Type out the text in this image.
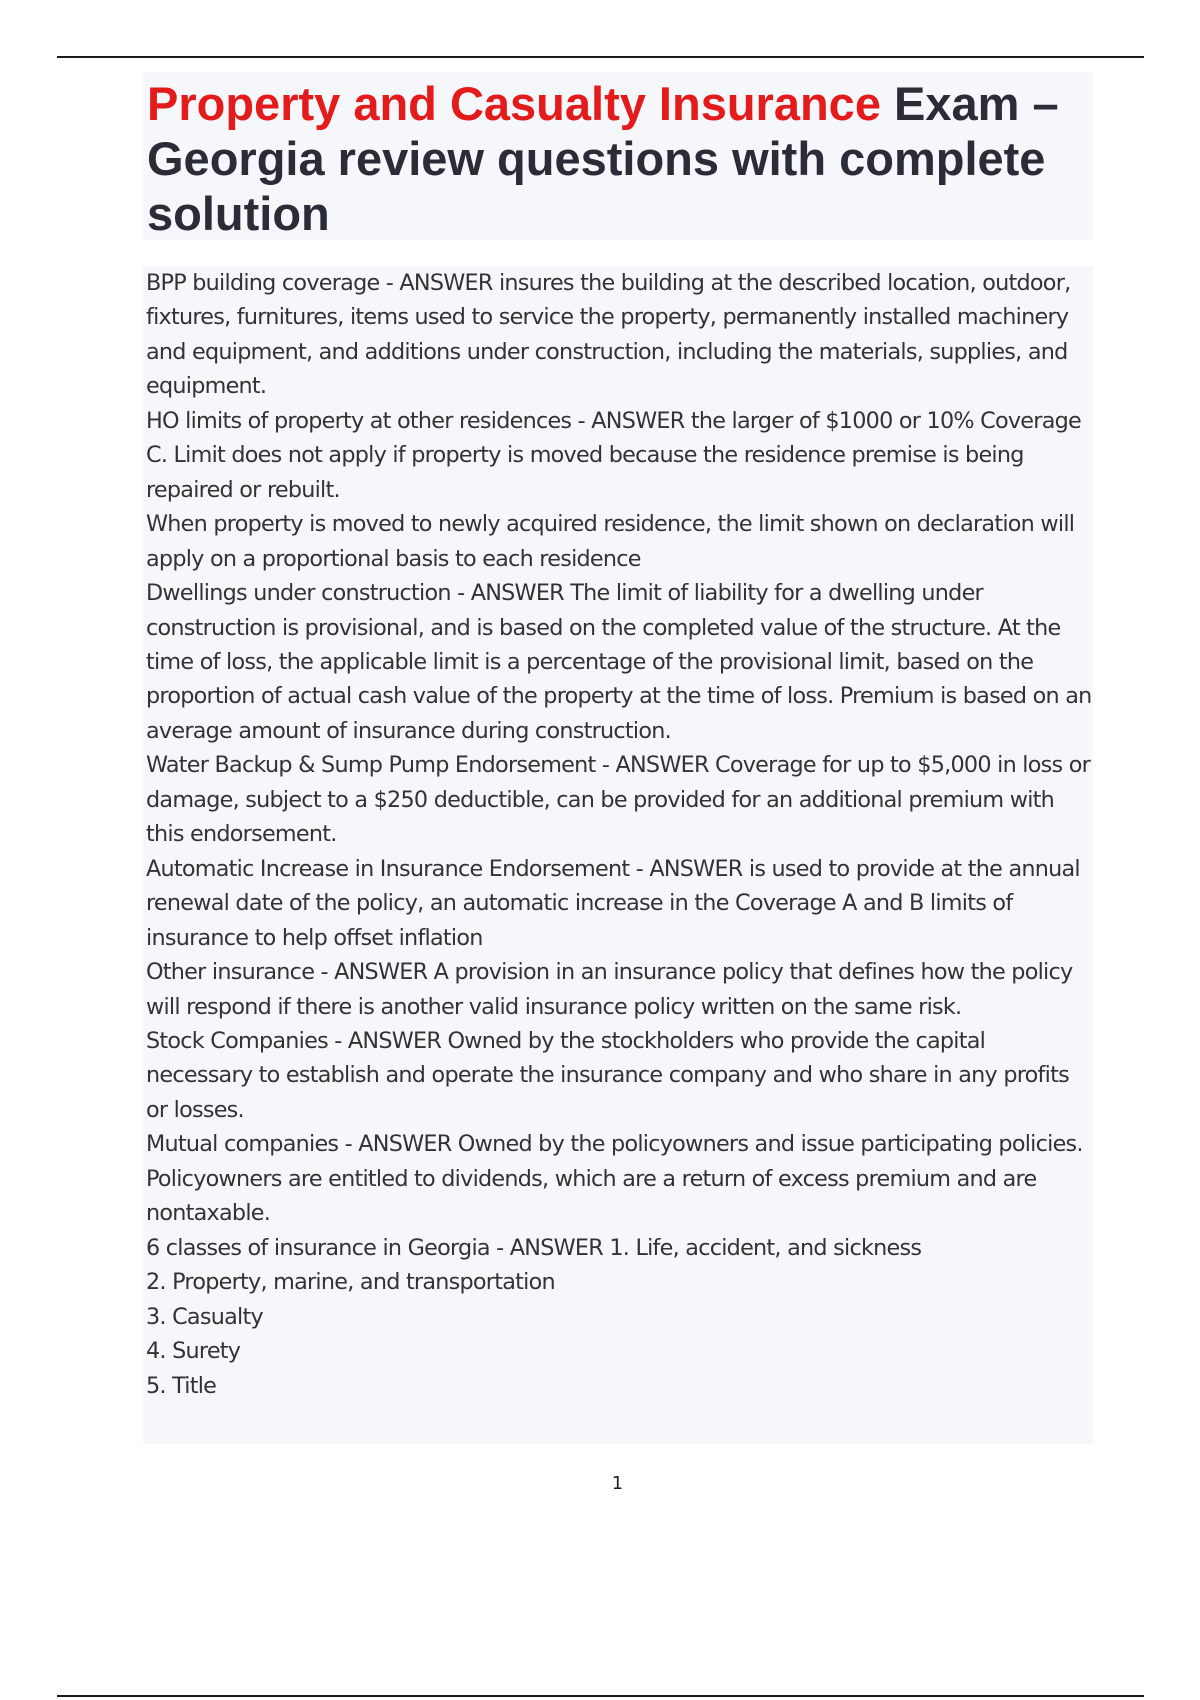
Property and Casualty Insurance Exam – Georgia review questions with complete solution

BPP building coverage - ANSWER insures the building at the described location, outdoor, fixtures, furnitures, items used to service the property, permanently installed machinery and equipment, and additions under construction, including the materials, supplies, and equipment.
HO limits of property at other residences - ANSWER the larger of $1000 or 10% Coverage C. Limit does not apply if property is moved because the residence premise is being repaired or rebuilt.
When property is moved to newly acquired residence, the limit shown on declaration will apply on a proportional basis to each residence
Dwellings under construction - ANSWER The limit of liability for a dwelling under construction is provisional, and is based on the completed value of the structure. At the time of loss, the applicable limit is a percentage of the provisional limit, based on the proportion of actual cash value of the property at the time of loss. Premium is based on an average amount of insurance during construction.
Water Backup & Sump Pump Endorsement - ANSWER Coverage for up to $5,000 in loss or damage, subject to a $250 deductible, can be provided for an additional premium with this endorsement.
Automatic Increase in Insurance Endorsement - ANSWER is used to provide at the annual renewal date of the policy, an automatic increase in the Coverage A and B limits of insurance to help offset inflation
Other insurance - ANSWER A provision in an insurance policy that defines how the policy will respond if there is another valid insurance policy written on the same risk.
Stock Companies - ANSWER Owned by the stockholders who provide the capital necessary to establish and operate the insurance company and who share in any profits or losses.
Mutual companies - ANSWER Owned by the policyowners and issue participating policies. Policyowners are entitled to dividends, which are a return of excess premium and are nontaxable.
6 classes of insurance in Georgia - ANSWER 1. Life, accident, and sickness
2. Property, marine, and transportation
3. Casualty
4. Surety
5. Title

1
